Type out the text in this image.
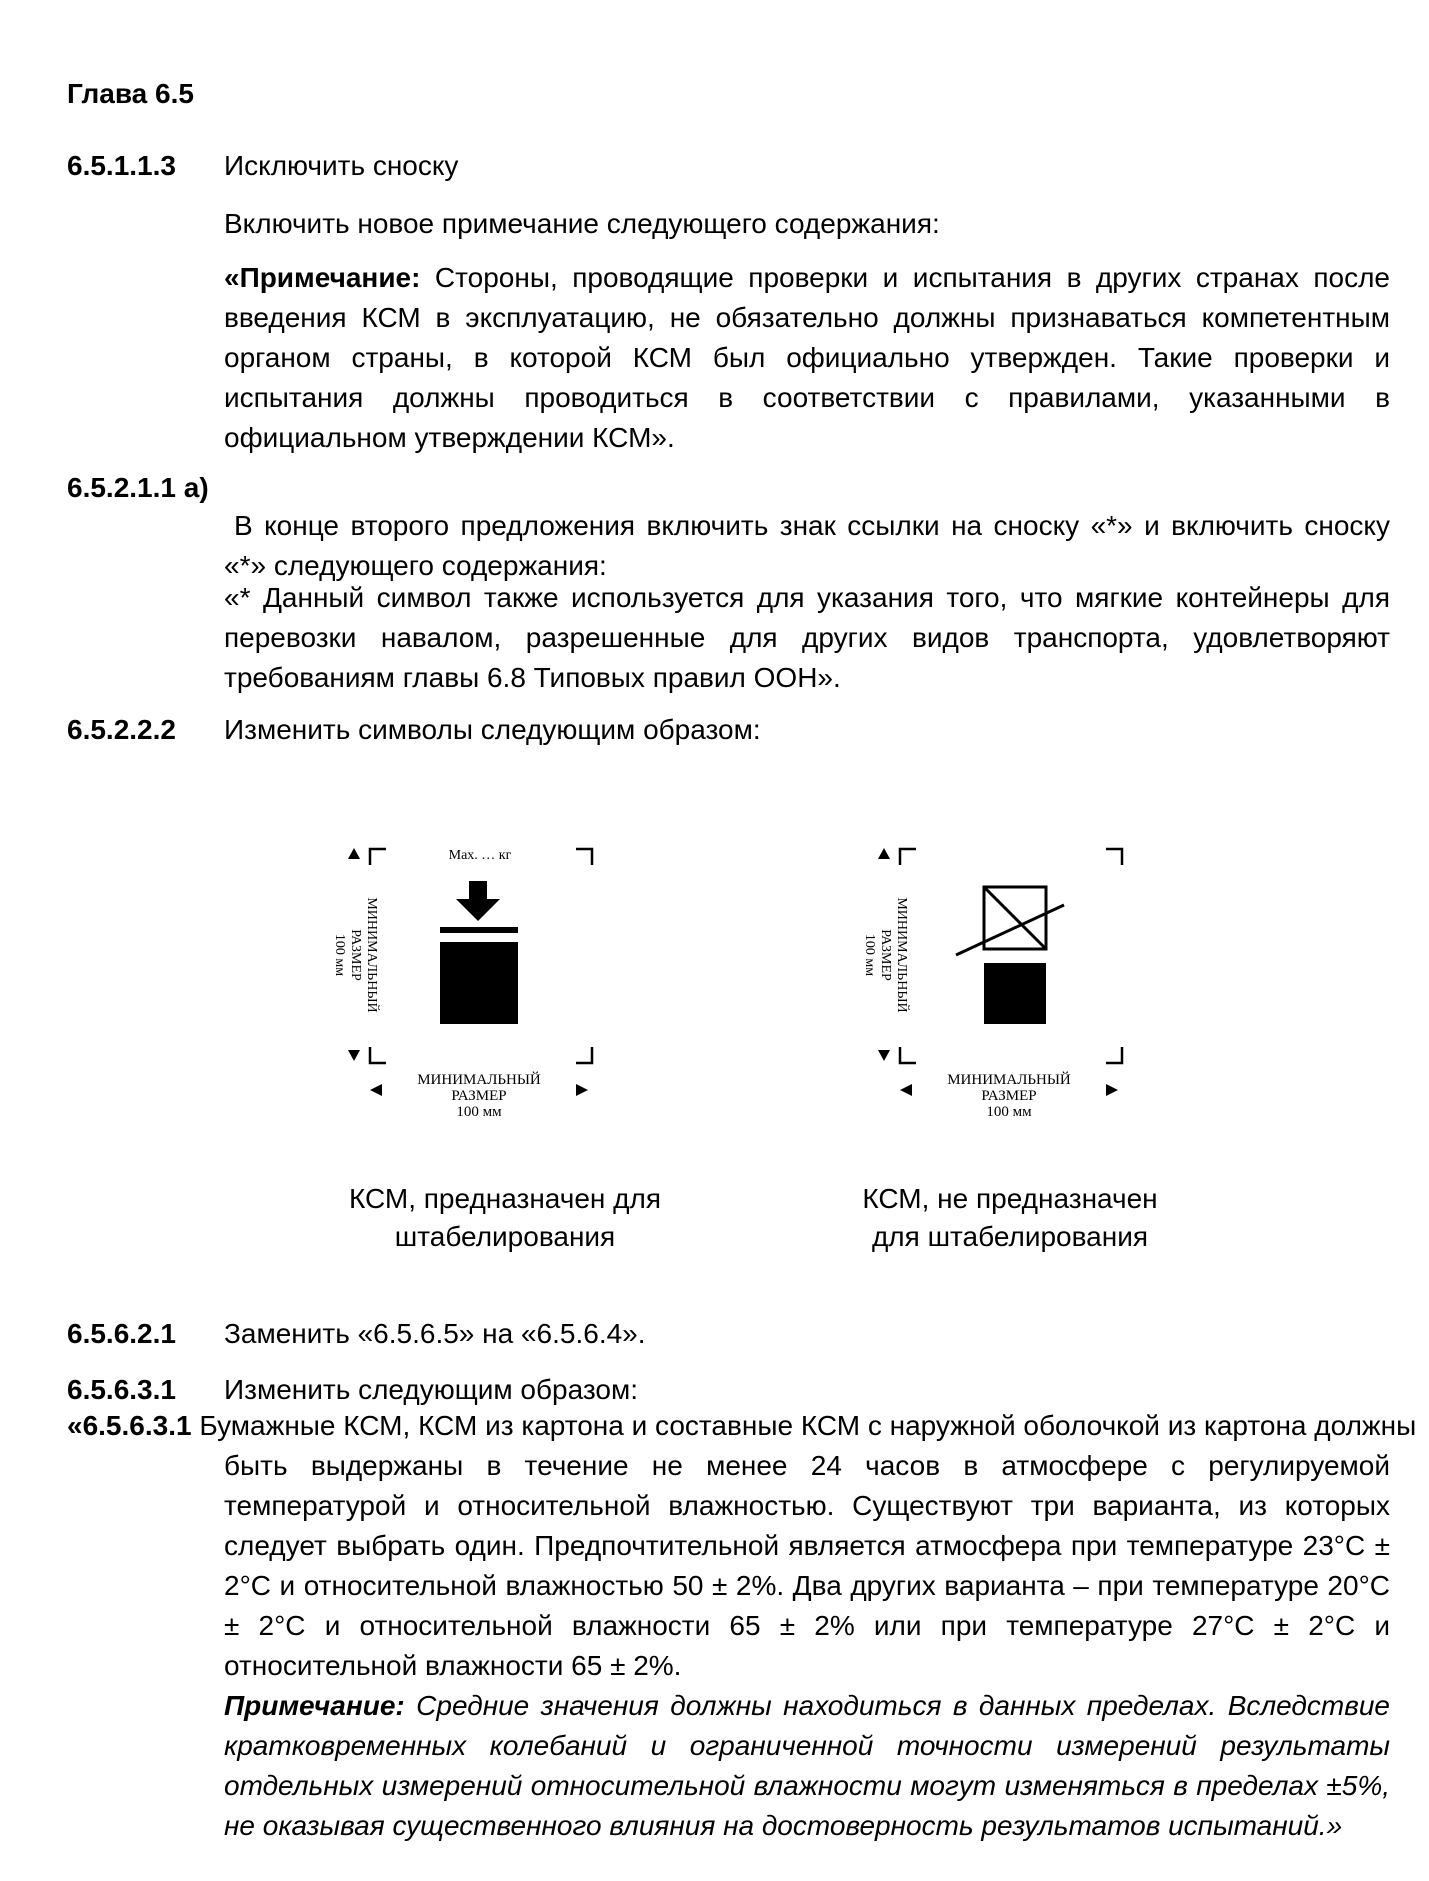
Глава 6.5
6.5.1.1.3 Исключить сноску
Включить новое примечание следующего содержания:
«Примечание: Стороны, проводящие проверки и испытания в других странах после введения КСМ в эксплуатацию, не обязательно должны признаваться компетентным органом страны, в которой КСМ был официально утвержден. Такие проверки и испытания должны проводиться в соответствии с правилами, указанными в официальном утверждении КСМ».
6.5.2.1.1 a)
В конце второго предложения включить знак ссылки на сноску «*» и включить сноску «*» следующего содержания:
«* Данный символ также используется для указания того, что мягкие контейнеры для перевозки навалом, разрешенные для других видов транспорта, удовлетворяют требованиям главы 6.8 Типовых правил ООН».
6.5.2.2.2 Изменить символы следующим образом:
Max. … кг
МИНИМАЛЬНЫЙ
РАЗМЕР
100 мм
МИНИМАЛЬНЫЙ
РАЗМЕР
100 мм
МИНИМАЛЬНЫЙ
РАЗМЕР
100 мм
МИНИМАЛЬНЫЙ
РАЗМЕР
100 мм
КСМ, предназначен для штабелирования
КСМ, не предназначен для штабелирования
6.5.6.2.1 Заменить «6.5.6.5» на «6.5.6.4».
6.5.6.3.1 Изменить следующим образом:
«6.5.6.3.1 Бумажные КСМ, КСМ из картона и составные КСМ с наружной оболочкой из картона должны
быть выдержаны в течение не менее 24 часов в атмосфере с регулируемой температурой и относительной влажностью. Существуют три варианта, из которых следует выбрать один. Предпочтительной является атмосфера при температуре 23°C ± 2°C и относительной влажностью 50 ± 2%. Два других варианта – при температуре 20°C ± 2°C и относительной влажности 65 ± 2% или при температуре 27°C ± 2°C и относительной влажности 65 ± 2%.
Примечание: Средние значения должны находиться в данных пределах. Вследствие кратковременных колебаний и ограниченной точности измерений результаты отдельных измерений относительной влажности могут изменяться в пределах ±5%, не оказывая существенного влияния на достоверность результатов испытаний.»
